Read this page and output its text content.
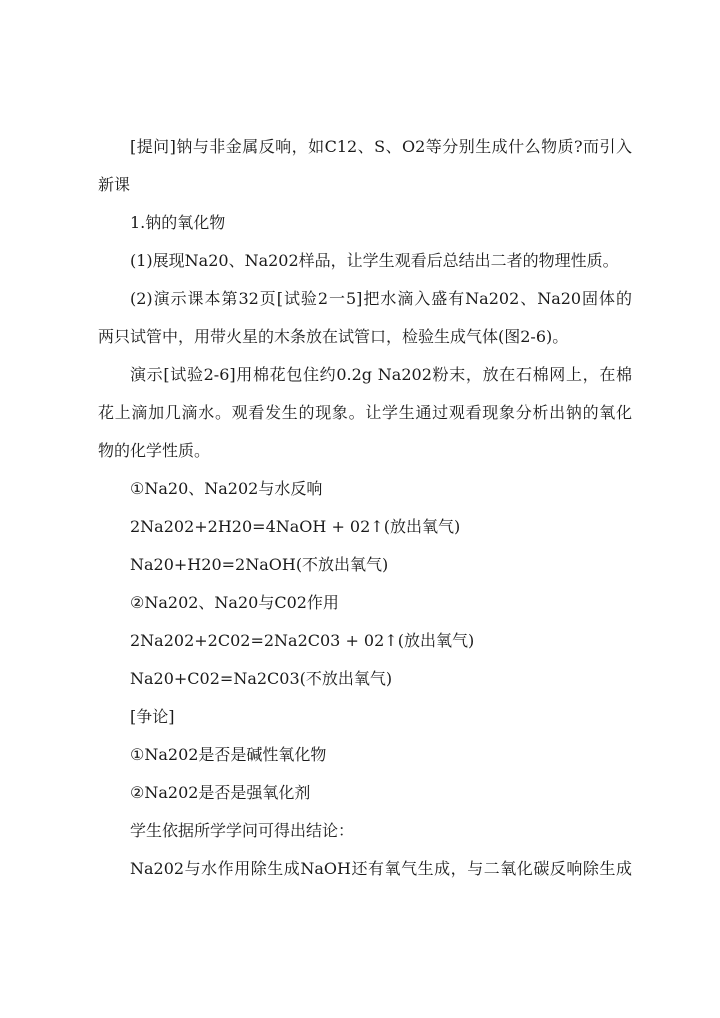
[提问]钠与非金属反响，如C12、S、O2等分别生成什么物质?而引入
新课
1.钠的氧化物
(1)展现Na20、Na202样品，让学生观看后总结出二者的物理性质。
(2)演示课本第32页[试验2一5]把水滴入盛有Na202、Na20固体的
两只试管中，用带火星的木条放在试管口，检验生成气体(图2-6)。
演示[试验2-6]用棉花包住约0.2g Na202粉末，放在石棉网上，在棉
花上滴加几滴水。观看发生的现象。让学生通过观看现象分析出钠的氧化
物的化学性质。
①Na20、Na202与水反响
2Na202+2H20=4NaOH + 02↑(放出氧气)
Na20+H20=2NaOH(不放出氧气)
②Na202、Na20与C02作用
2Na202+2C02=2Na2C03 + 02↑(放出氧气)
Na20+C02=Na2C03(不放出氧气)
[争论]
①Na202是否是碱性氧化物
②Na202是否是强氧化剂
学生依据所学学问可得出结论：
Na202与水作用除生成NaOH还有氧气生成，与二氧化碳反响除生成
